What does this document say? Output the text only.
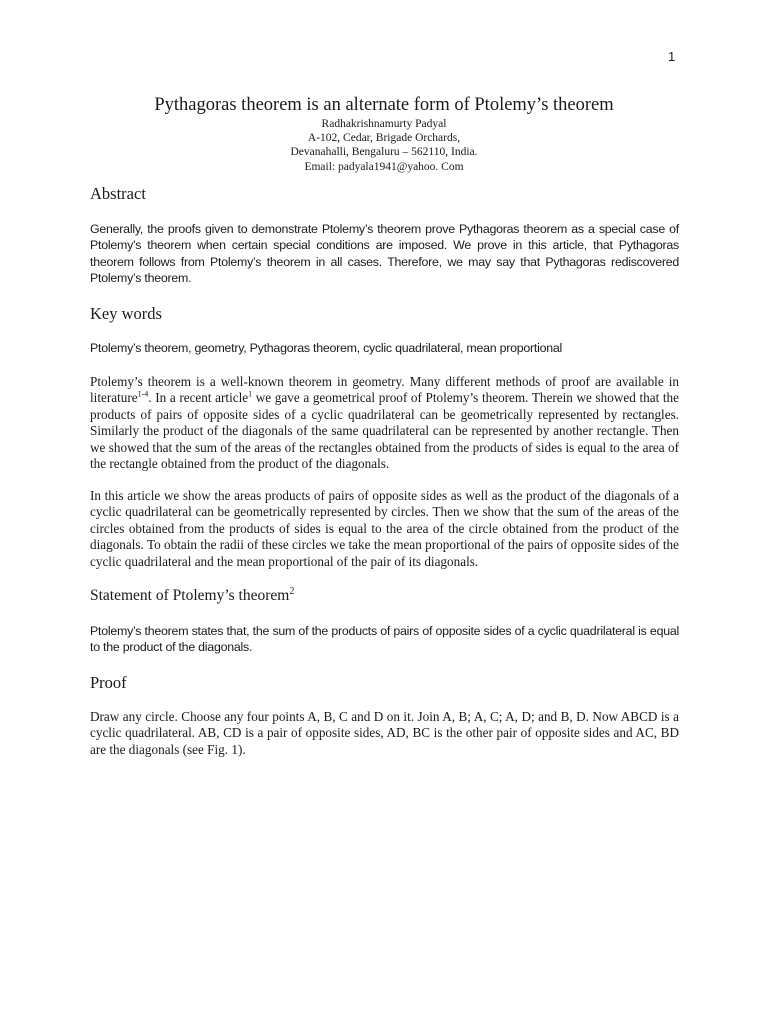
1
Pythagoras theorem is an alternate form of Ptolemy’s theorem
Radhakrishnamurty Padyal
A-102, Cedar, Brigade Orchards,
Devanahalli, Bengaluru – 562110, India.
Email: padyala1941@yahoo. Com
Abstract

Generally, the proofs given to demonstrate Ptolemy’s theorem prove Pythagoras theorem as a special case of Ptolemy’s theorem when certain special conditions are imposed. We prove in this article, that Pythagoras theorem follows from Ptolemy’s theorem in all cases. Therefore, we may say that Pythagoras rediscovered Ptolemy’s theorem.

Key words

Ptolemy’s theorem, geometry, Pythagoras theorem, cyclic quadrilateral, mean proportional

Ptolemy’s theorem is a well-known theorem in geometry. Many different methods of proof are available in literature$^{1-4}$. In a recent article$^1$ we gave a geometrical proof of Ptolemy’s theorem. Therein we showed that the products of pairs of opposite sides of a cyclic quadrilateral can be geometrically represented by rectangles. Similarly the product of the diagonals of the same quadrilateral can be represented by another rectangle. Then we showed that the sum of the areas of the rectangles obtained from the products of sides is equal to the area of the rectangle obtained from the product of the diagonals.

In this article we show the areas products of pairs of opposite sides as well as the product of the diagonals of a cyclic quadrilateral can be geometrically represented by circles. Then we show that the sum of the areas of the circles obtained from the products of sides is equal to the area of the circle obtained from the product of the diagonals. To obtain the radii of these circles we take the mean proportional of the pairs of opposite sides of the cyclic quadrilateral and the mean proportional of the pair of its diagonals.

Statement of Ptolemy’s theorem$^2$

Ptolemy’s theorem states that, the sum of the products of pairs of opposite sides of a cyclic quadrilateral is equal to the product of the diagonals.

Proof

Draw any circle. Choose any four points A, B, C and D on it. Join A, B; A, C; A, D; and B, D. Now ABCD is a cyclic quadrilateral. AB, CD is a pair of opposite sides, AD, BC is the other pair of opposite sides and AC, BD are the diagonals (see Fig. 1).
